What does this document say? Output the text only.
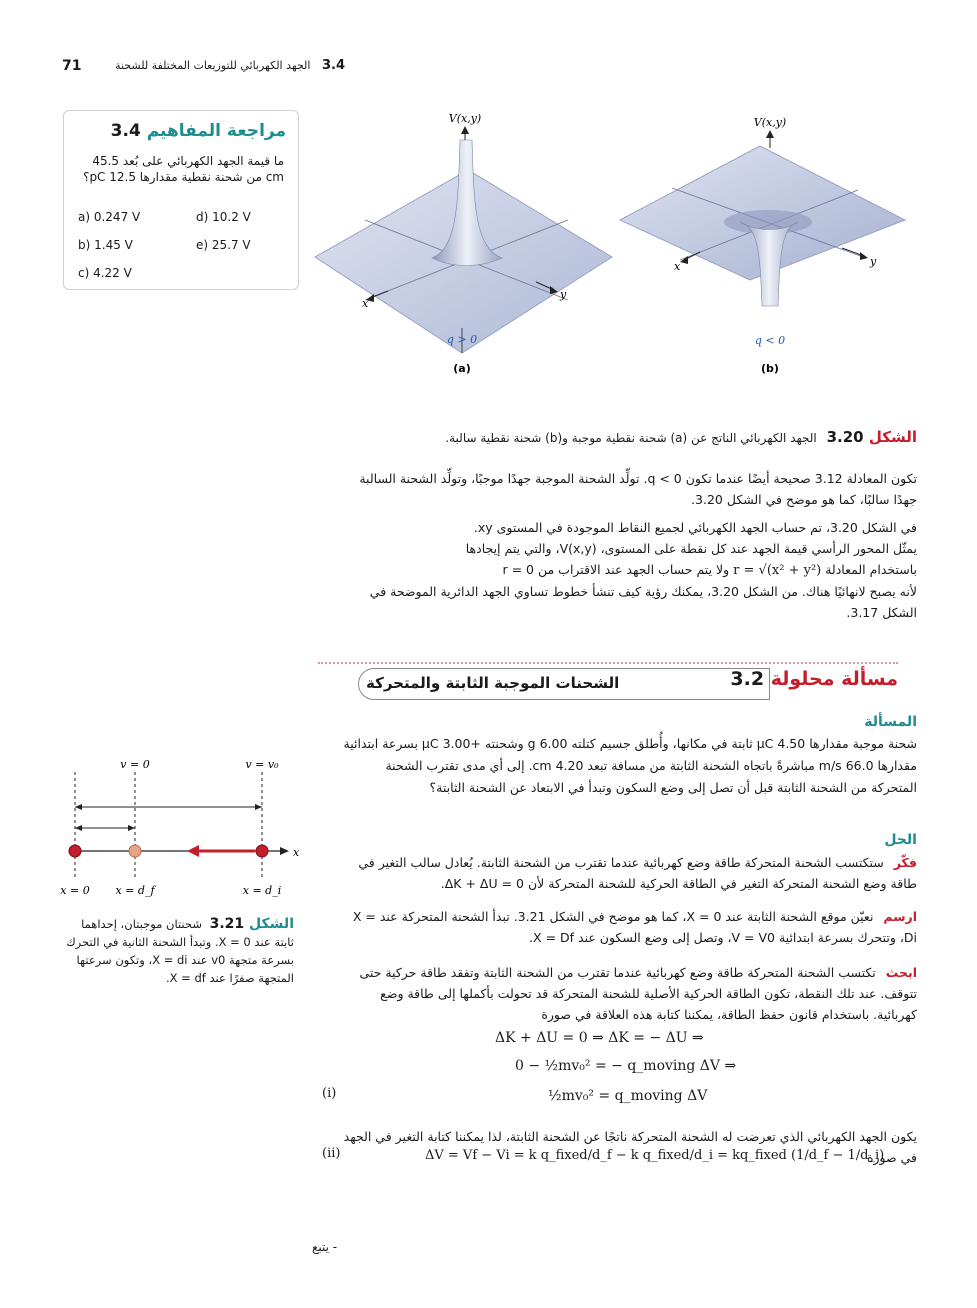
71	3.4 الجهد الكهربائي للتوزيعات المختلفة للشحنة
مراجعة المفاهيم 3.4
ما قيمة الجهد الكهربائي على بُعد 45.5 cm من شحنة نقطية مقدارها 12.5 pC؟
a) 0.247 V
b) 1.45 V
c) 4.22 V
d) 10.2 V
e) 25.7 V
V(x,y)
x
y
q > 0
(a)
V(x,y)
x	y
q < 0
(b)
الشكل 3.20 الجهد الكهربائي الناتج عن (a) شحنة نقطية موجبة و(b) شحنة نقطية سالبة.
تكون المعادلة 3.12 صحيحة أيضًا عندما تكون q < 0. تولِّد الشحنة الموجبة جهدًا موجبًا، وتولِّد الشحنة السالبة جهدًا سالبًا، كما هو موضح في الشكل 3.20.
في الشكل 3.20، تم حساب الجهد الكهربائي لجميع النقاط الموجودة في المستوى xy.
يمثّل المحور الرأسي قيمة الجهد عند كل نقطة على المستوى، V(x,y)، والتي يتم إيجادها
باستخدام المعادلة r = √(x² + y²) ولا يتم حساب الجهد عند الاقتراب من r = 0
لأنه يصبح لانهائيًا هناك. من الشكل 3.20، يمكنك رؤية كيف تنشأ خطوط تساوي الجهد الدائرية الموضحة في الشكل 3.17.
مسألة محلولة 3.2
الشحنات الموجبة الثابتة والمتحركة
المسألة
شحنة موجبة مقدارها 4.50 μC ثابتة في مكانها، وأُطلق جسيم كتلته 6.00 g وشحنته +3.00 μC بسرعة ابتدائية مقدارها 66.0 m/s مباشرةً باتجاه الشحنة الثابتة من مسافة تبعد 4.20 cm. إلى أي مدى تقترب الشحنة المتحركة من الشحنة الثابتة قبل أن تصل إلى وضع السكون وتبدأ في الابتعاد عن الشحنة الثابتة؟
الحل
فكّر ستكتسب الشحنة المتحركة طاقة وضع كهربائية عندما تقترب من الشحنة الثابتة. يُعادل سالب التغير في طاقة وضع الشحنة المتحركة التغير في الطاقة الحركية للشحنة المتحركة لأن ΔK + ΔU = 0.
ارسم نعيّن موقع الشحنة الثابتة عند X = 0، كما هو موضح في الشكل 3.21. تبدأ الشحنة المتحركة عند X = Di، وتتحرك بسرعة ابتدائية V = V0، وتصل إلى وضع السكون عند X = Df.
ابحث تكتسب الشحنة المتحركة طاقة وضع كهربائية عندما تقترب من الشحنة الثابتة وتفقد طاقة حركية حتى تتوقف. عند تلك النقطة، تكون الطاقة الحركية الأصلية للشحنة المتحركة قد تحولت بأكملها إلى طاقة وضع كهربائية. باستخدام قانون حفظ الطاقة، يمكننا كتابة هذه العلاقة في صورة
ΔK + ΔU = 0 ⇒ ΔK = − ΔU ⇒
0 − ½mv₀² = − q_moving ΔV ⇒
½mv₀² = q_moving ΔV
(i)
يكون الجهد الكهربائي الذي تعرضت له الشحنة المتحركة ناتجًا عن الشحنة الثابتة، لذا يمكننا كتابة التغير في الجهد في صورة
ΔV = Vf − Vi = k q_fixed/d_f − k q_fixed/d_i = kq_fixed (1/d_f − 1/d_i)
(ii)
v = 0	v = v₀
x
x = 0 x = d_f	x = d_i
الشكل 3.21 شحنتان موجبتان، إحداهما ثابتة عند X = 0. وتبدأ الشحنة الثانية في التحرك بسرعة متجهة v0 عند X = di، وتكون سرعتها المتجهة صفرًا عند X = df.
- يتبع
